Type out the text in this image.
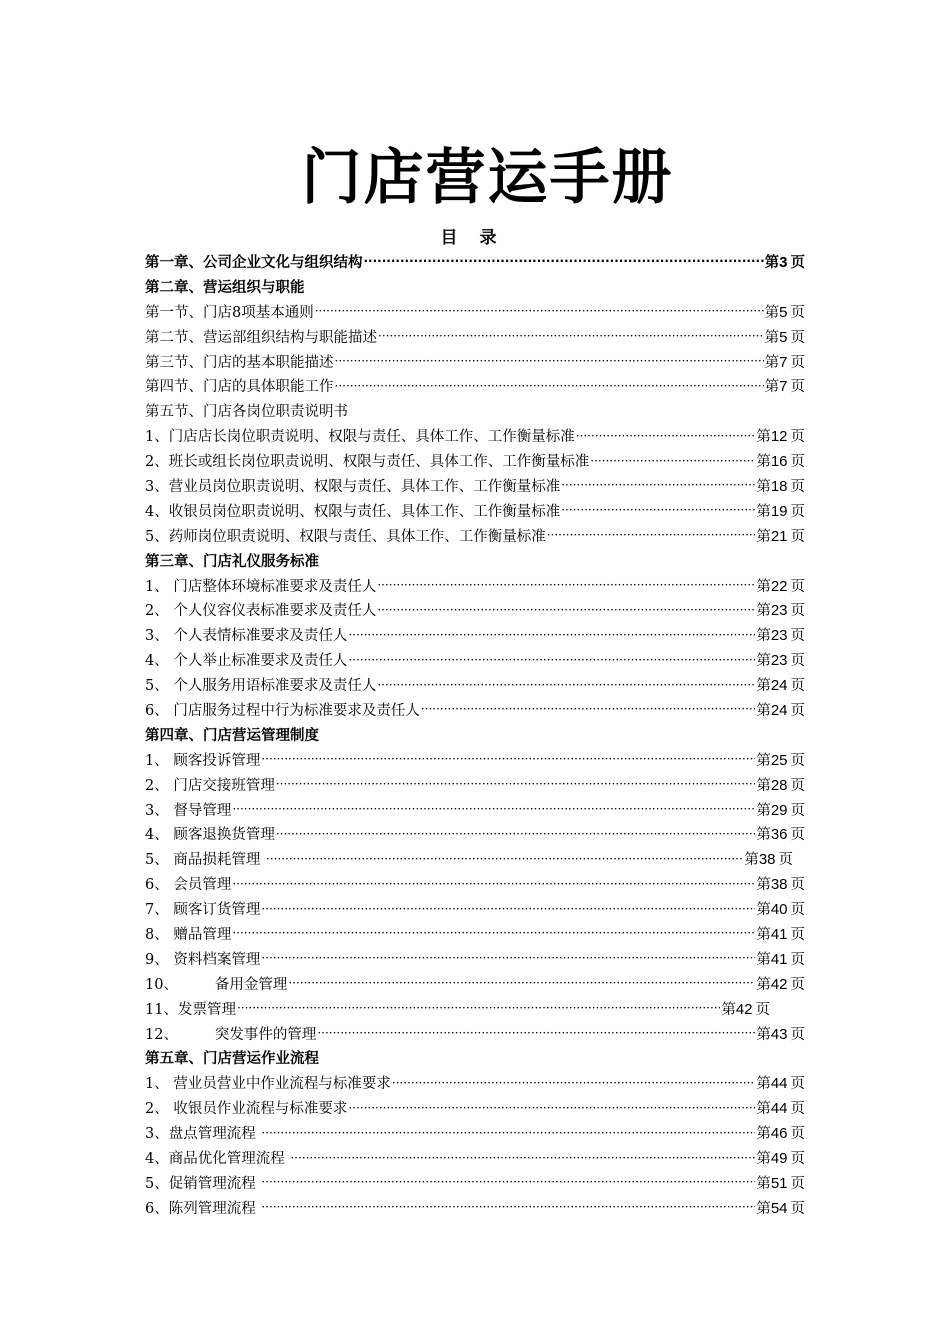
门店营运手册
目 录
第一章、公司企业文化与组织结构 ·····	第3 页
第二章、营运组织与职能
第一节、门店8项基本通则 ·····	第5 页
第二节、营运部组织结构与职能描述 ·····	第5 页
第三节、门店的基本职能描述 ·····	第7 页
第四节、门店的具体职能工作 ·····	第7 页
第五节、门店各岗位职责说明书
1、门店店长岗位职责说明、权限与责任、具体工作、工作衡量标准 ·····	第12 页
2、班长或组长岗位职责说明、权限与责任、具体工作、工作衡量标准 ·····	第16 页
3、营业员岗位职责说明、权限与责任、具体工作、工作衡量标准 ·····	第18 页
4、收银员岗位职责说明、权限与责任、具体工作、工作衡量标准 ·····	第19 页
5、药师岗位职责说明、权限与责任、具体工作、工作衡量标准 ·····	第21 页
第三章、门店礼仪服务标准
1、 门店整体环境标准要求及责任人 ·····	第22 页
2、 个人仪容仪表标准要求及责任人 ·····	第23 页
3、 个人表情标准要求及责任人 ·····	第23 页
4、 个人举止标准要求及责任人 ·····	第23 页
5、 个人服务用语标准要求及责任人 ·····	第24 页
6、 门店服务过程中行为标准要求及责任人 ·····	第24 页
第四章、门店营运管理制度
1、 顾客投诉管理 ·····	第25 页
2、 门店交接班管理 ·····	第28 页
3、 督导管理 ·····	第29 页
4、 顾客退换货管理 ·····	第36 页
5、 商品损耗管理 ·····	第38 页
6、 会员管理 ·····	第38 页
7、 顾客订货管理 ·····	第40 页
8、 赠品管理 ·····	第41 页
9、 资料档案管理 ·····	第41 页
10、        备用金管理 ·····	第42 页
11、发票管理 ·····	第42 页
12、        突发事件的管理 ·····	第43 页
第五章、门店营运作业流程
1、 营业员营业中作业流程与标准要求 ·····	第44 页
2、 收银员作业流程与标准要求 ·····	第44 页
3、盘点管理流程 ·····	第46 页
4、商品优化管理流程 ·····	第49 页
5、促销管理流程 ·····	第51 页
6、陈列管理流程 ·····	第54 页
